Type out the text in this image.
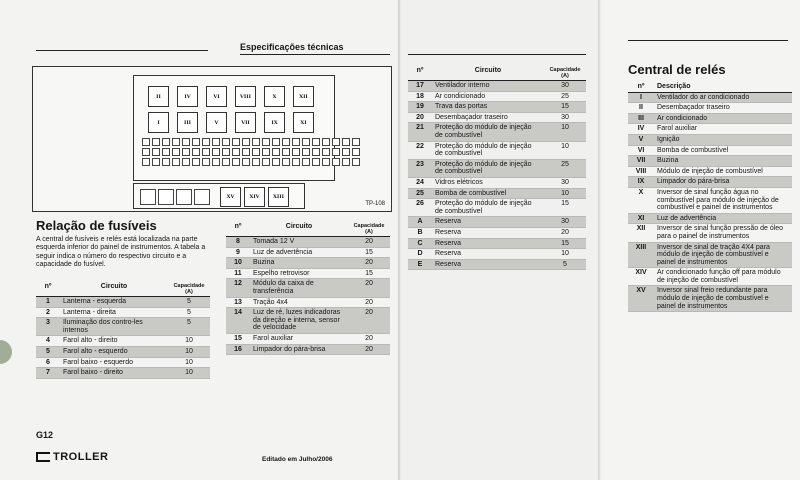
Especificações técnicas
II	IV	VI	VIII	X	XII
I	III	V	VII	IX	XI
XV	XIV	XIII
TP-108
Relação de fusíveis
A central de fusíveis e relés está localizada na parte esquerda inferior do painel de instrumentos. A tabela a seguir indica o número do respectivo circuito e a capacidade do fusível.
nº	Circuito	Capacidade (A)
1	Lanterna - esquerda	5
2	Lanterna - direita	5
3	Iluminação dos contro-les internos	5
4	Farol alto - direito	10
5	Farol alto - esquerdo	10
6	Farol baixo - esquerdo	10
7	Farol baixo - direito	10
nº	Circuito	Capacidade (A)
8	Tomada 12 V	20
9	Luz de advertência	15
10	Buzina	20
11	Espelho retrovisor	15
12	Módulo da caixa de transferência	20
13	Tração 4x4	20
14	Luz de ré, luzes indicadoras da direção e interna, sensor de velocidade	20
15	Farol auxiliar	20
16	Limpador do pára-brisa	20
nº	Circuito	Capacidade (A)
17	Ventilador interno	30
18	Ar condicionado	25
19	Trava das portas	15
20	Desembaçador traseiro	30
21	Proteção do módulo de injeção de combustível	10
22	Proteção do módulo de injeção de combustível	10
23	Proteção do módulo de injeção de combustível	25
24	Vidros elétricos	30
25	Bomba de combustível	10
26	Proteção do módulo de injeção de combustível	15
A	Reserva	30
B	Reserva	20
C	Reserva	15
D	Reserva	10
E	Reserva	5
Central de relés
nº	Descrição
I	Ventilador do ar condicionado
II	Desembaçador traseiro
III	Ar condicionado
IV	Farol auxiliar
V	Ignição
VI	Bomba de combustível
VII	Buzina
VIII	Módulo de injeção de combustível
IX	Limpador do pára-brisa
X	Inversor de sinal função água no combustível para módulo de injeção de combustível e painel de instrumentos
XI	Luz de advertência
XII	Inversor de sinal função pressão de óleo para o painel de instrumentos
XIII	Inversor de sinal de tração 4X4 para módulo de injeção de combustível e painel de instrumentos
XIV	Ar condicionado função off para módulo de injeção de combustível
XV	Inversor sinal freio redundante para módulo de injeção de combustível e painel de instrumentos
G12
TROLLER	Editado em Julho/2006
